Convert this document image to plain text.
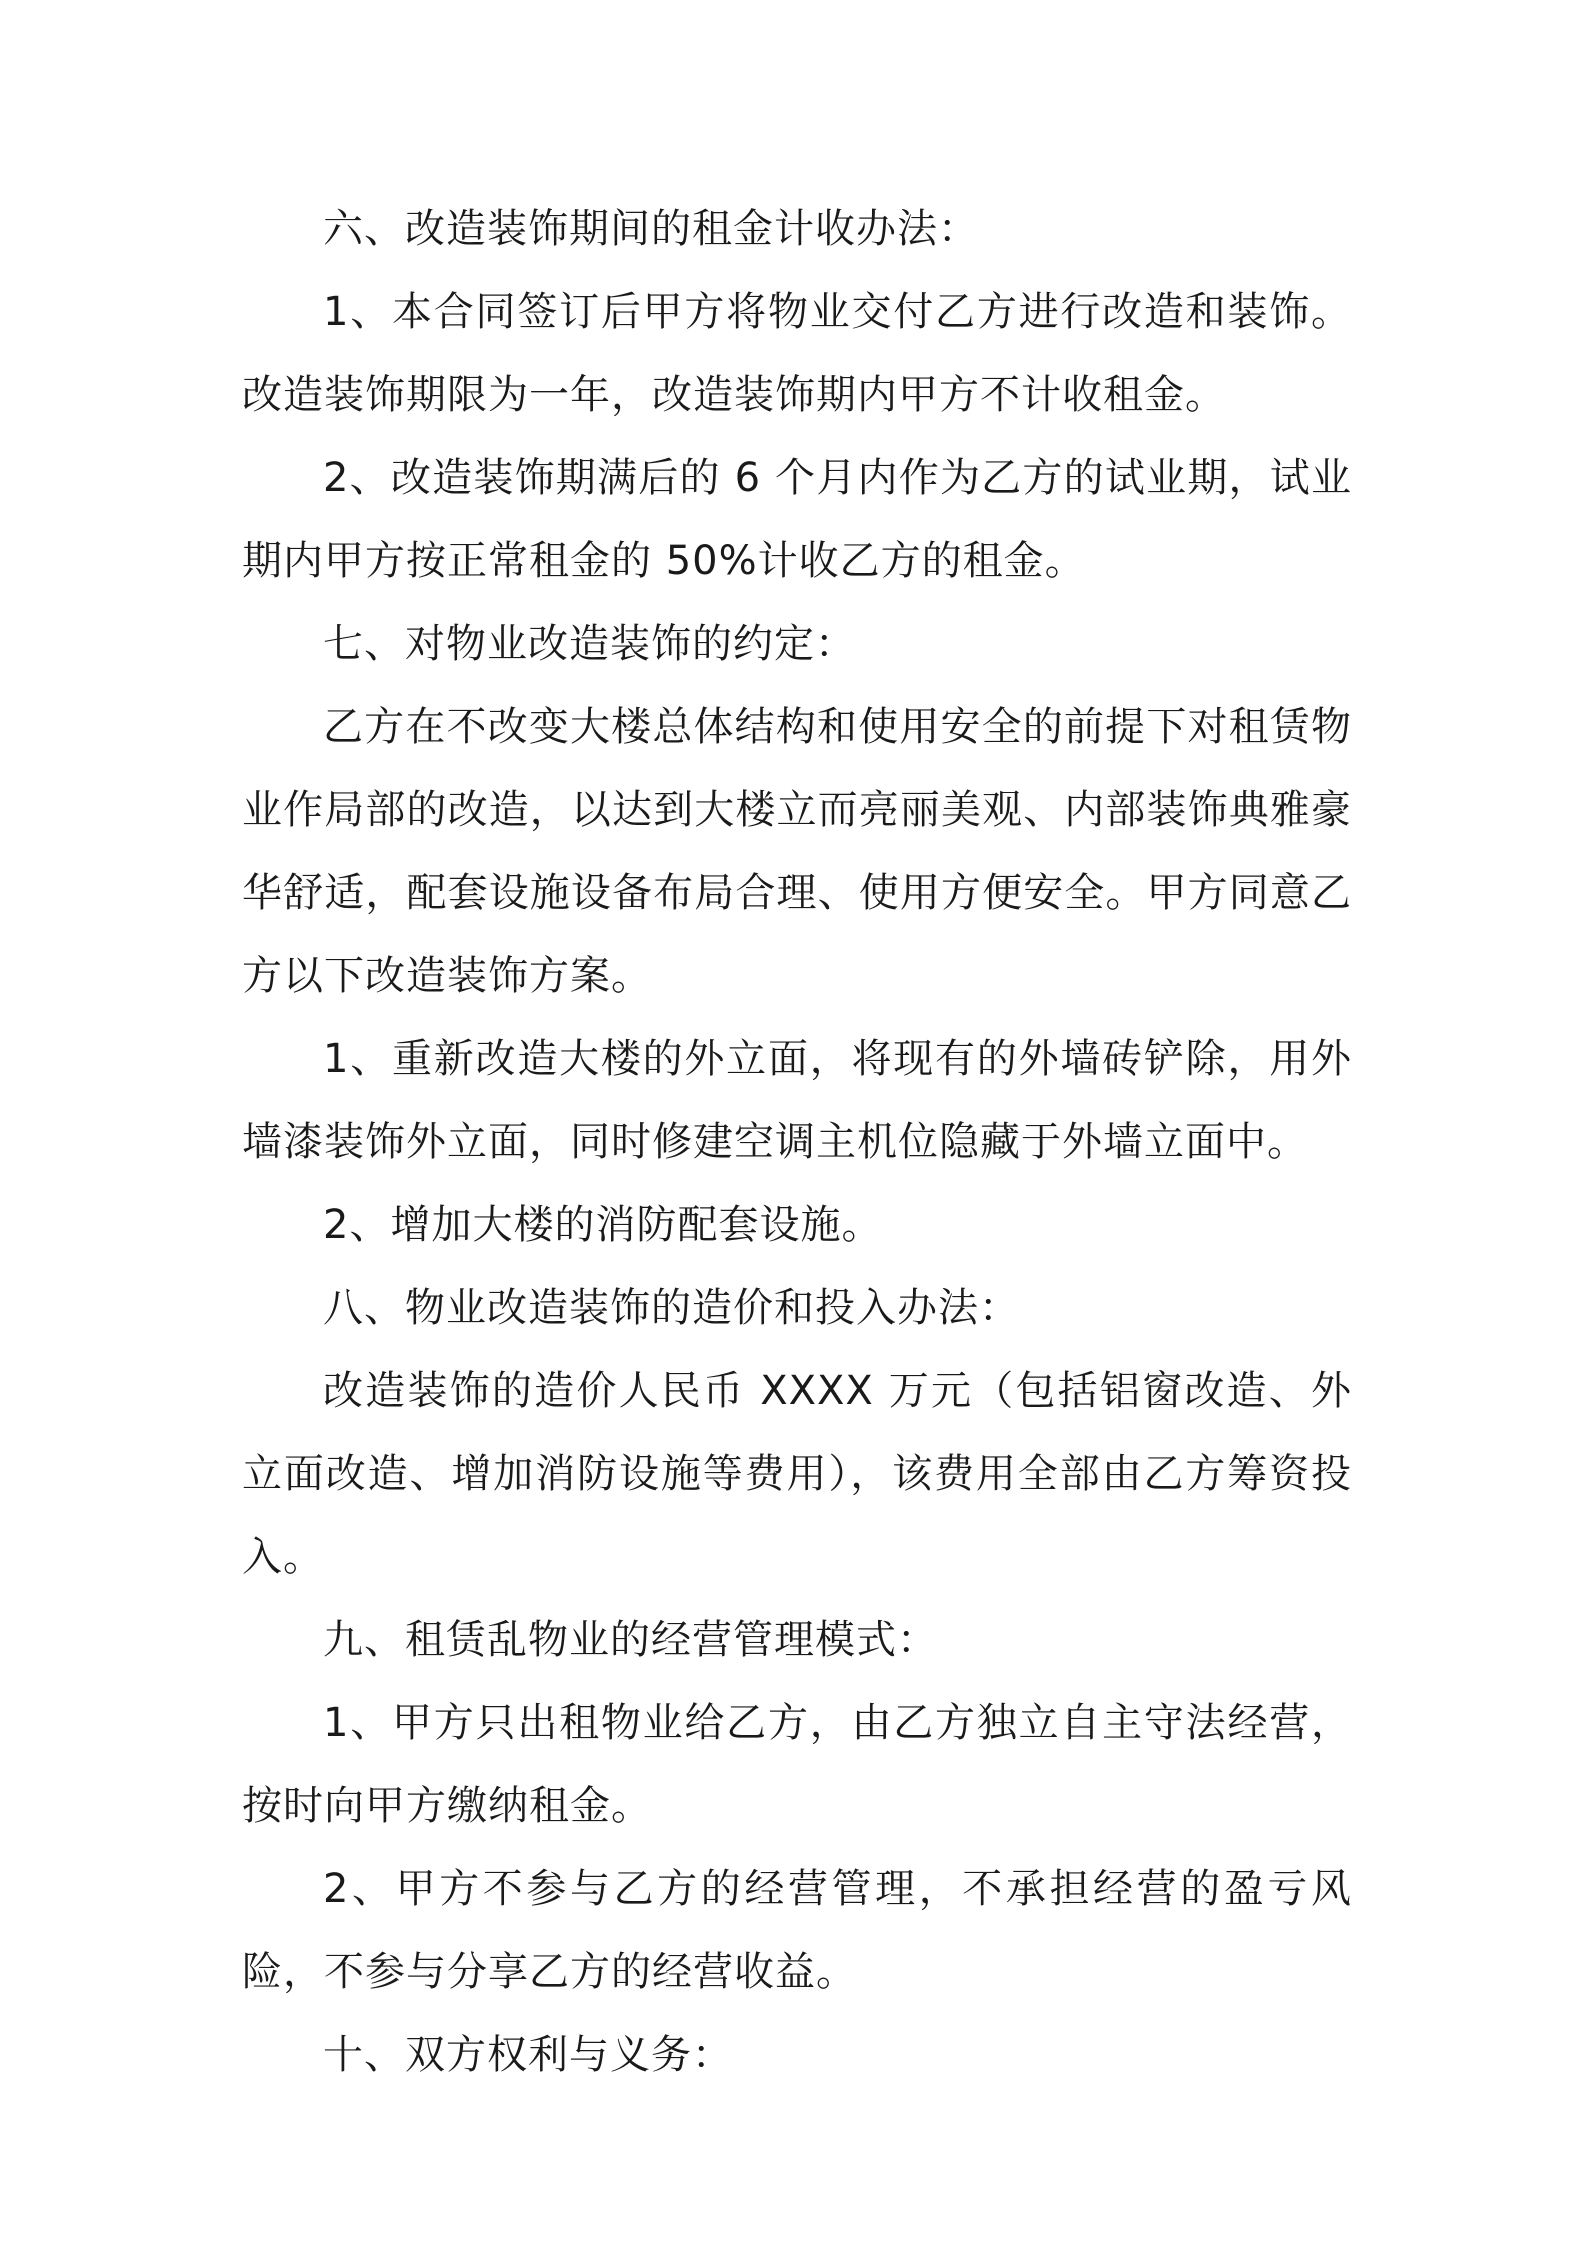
六、改造装饰期间的租金计收办法：

1、本合同签订后甲方将物业交付乙方进行改造和装饰。改造装饰期限为一年，改造装饰期内甲方不计收租金。

2、改造装饰期满后的 6 个月内作为乙方的试业期，试业期内甲方按正常租金的 50%计收乙方的租金。

七、对物业改造装饰的约定：

乙方在不改变大楼总体结构和使用安全的前提下对租赁物业作局部的改造，以达到大楼立而亮丽美观、内部装饰典雅豪华舒适，配套设施设备布局合理、使用方便安全。甲方同意乙方以下改造装饰方案。

1、重新改造大楼的外立面，将现有的外墙砖铲除，用外墙漆装饰外立面，同时修建空调主机位隐藏于外墙立面中。

2、增加大楼的消防配套设施。

八、物业改造装饰的造价和投入办法：

改造装饰的造价人民币 XXXX 万元（包括铝窗改造、外立面改造、增加消防设施等费用），该费用全部由乙方筹资投入。

九、租赁乱物业的经营管理模式：

1、甲方只出租物业给乙方，由乙方独立自主守法经营，按时向甲方缴纳租金。

2、甲方不参与乙方的经营管理，不承担经营的盈亏风险，不参与分享乙方的经营收益。

十、双方权利与义务：
